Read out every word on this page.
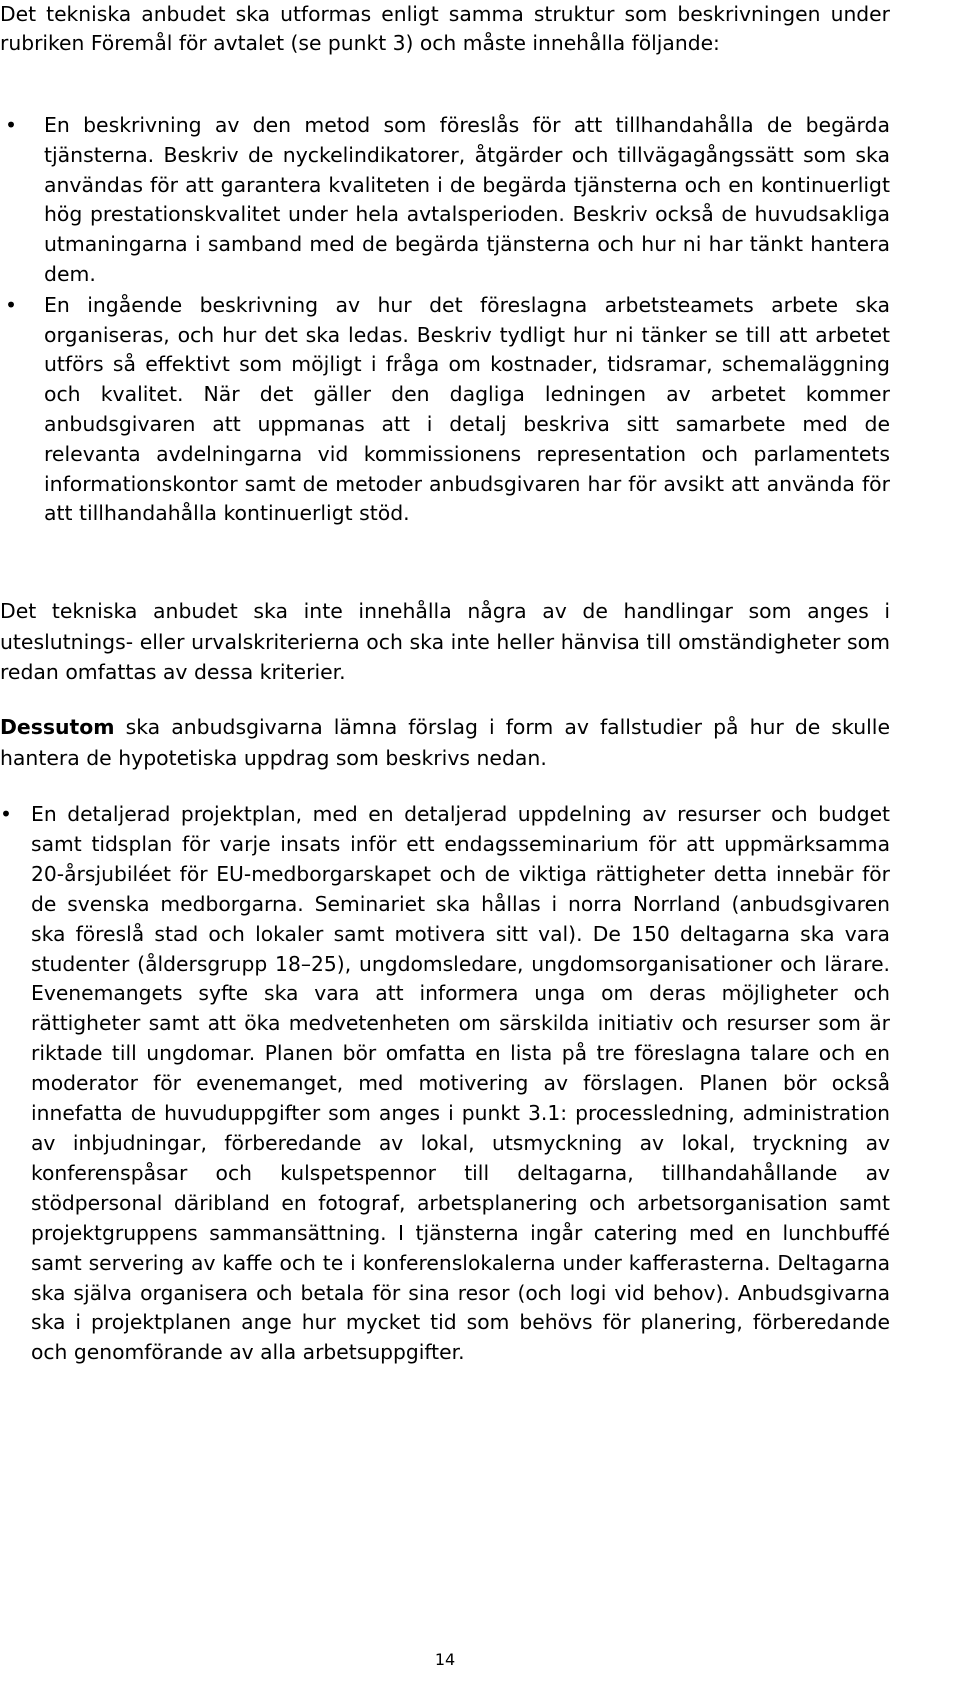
Det tekniska anbudet ska utformas enligt samma struktur som beskrivningen under rubriken Föremål för avtalet (se punkt 3) och måste innehålla följande:

• En beskrivning av den metod som föreslås för att tillhandahålla de begärda tjänsterna. Beskriv de nyckelindikatorer, åtgärder och tillvägagångssätt som ska användas för att garantera kvaliteten i de begärda tjänsterna och en kontinuerligt hög prestationskvalitet under hela avtalsperioden. Beskriv också de huvudsakliga utmaningarna i samband med de begärda tjänsterna och hur ni har tänkt hantera dem.
• En ingående beskrivning av hur det föreslagna arbetsteamets arbete ska organiseras, och hur det ska ledas. Beskriv tydligt hur ni tänker se till att arbetet utförs så effektivt som möjligt i fråga om kostnader, tidsramar, schemaläggning och kvalitet. När det gäller den dagliga ledningen av arbetet kommer anbudsgivaren att uppmanas att i detalj beskriva sitt samarbete med de relevanta avdelningarna vid kommissionens representation och parlamentets informationskontor samt de metoder anbudsgivaren har för avsikt att använda för att tillhandahålla kontinuerligt stöd.

Det tekniska anbudet ska inte innehålla några av de handlingar som anges i uteslutnings- eller urvalskriterierna och ska inte heller hänvisa till omständigheter som redan omfattas av dessa kriterier.

Dessutom ska anbudsgivarna lämna förslag i form av fallstudier på hur de skulle hantera de hypotetiska uppdrag som beskrivs nedan.

• En detaljerad projektplan, med en detaljerad uppdelning av resurser och budget samt tidsplan för varje insats inför ett endagsseminarium för att uppmärksamma 20-årsjubiléet för EU-medborgarskapet och de viktiga rättigheter detta innebär för de svenska medborgarna. Seminariet ska hållas i norra Norrland (anbudsgivaren ska föreslå stad och lokaler samt motivera sitt val). De 150 deltagarna ska vara studenter (åldersgrupp 18–25), ungdomsledare, ungdomsorganisationer och lärare. Evenemangets syfte ska vara att informera unga om deras möjligheter och rättigheter samt att öka medvetenheten om särskilda initiativ och resurser som är riktade till ungdomar. Planen bör omfatta en lista på tre föreslagna talare och en moderator för evenemanget, med motivering av förslagen. Planen bör också innefatta de huvuduppgifter som anges i punkt 3.1: processledning, administration av inbjudningar, förberedande av lokal, utsmyckning av lokal, tryckning av konferenspåsar och kulspetspennor till deltagarna, tillhandahållande av stödpersonal däribland en fotograf, arbetsplanering och arbetsorganisation samt projektgruppens sammansättning. I tjänsterna ingår catering med en lunchbuffé samt servering av kaffe och te i konferenslokalerna under kafferasterna. Deltagarna ska själva organisera och betala för sina resor (och logi vid behov). Anbudsgivarna ska i projektplanen ange hur mycket tid som behövs för planering, förberedande och genomförande av alla arbetsuppgifter.
14
